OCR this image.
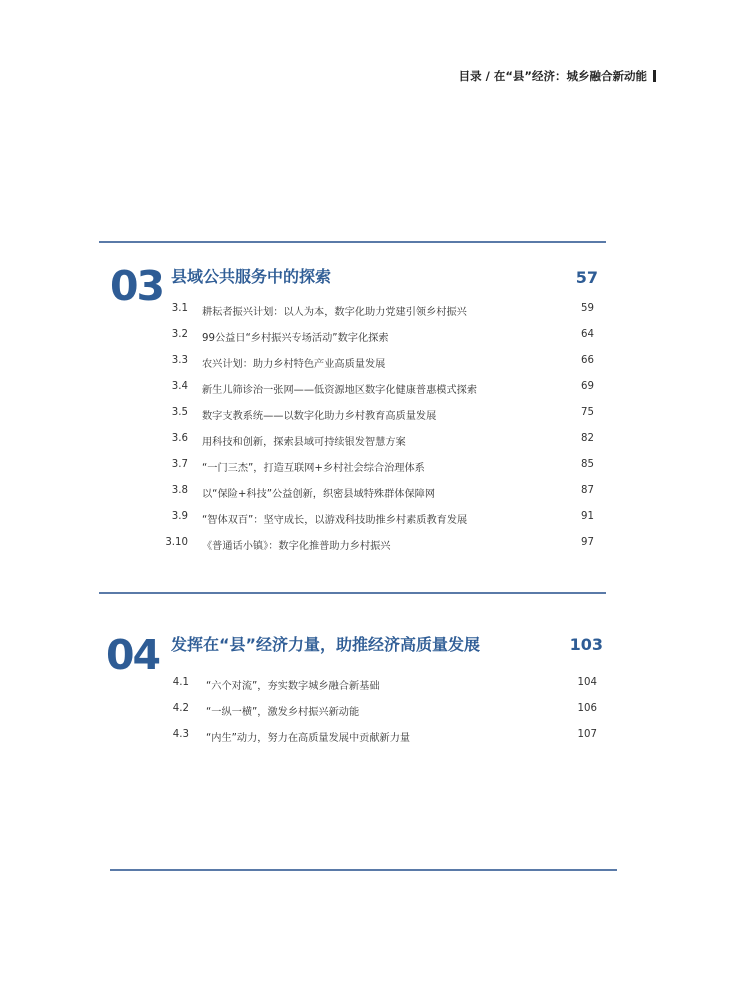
目录 / 在“县”经济：城乡融合新动能
03 县域公共服务中的探索	57
3.1 耕耘者振兴计划：以人为本，数字化助力党建引领乡村振兴	59
3.2 99公益日“乡村振兴专场活动”数字化探索	64
3.3 农兴计划：助力乡村特色产业高质量发展	66
3.4 新生儿筛诊治一张网——低资源地区数字化健康普惠模式探索	69
3.5 数字支教系统——以数字化助力乡村教育高质量发展	75
3.6 用科技和创新，探索县域可持续银发智慧方案	82
3.7 “一门三杰”，打造互联网+乡村社会综合治理体系	85
3.8 以“保险+科技”公益创新，织密县域特殊群体保障网	87
3.9 “智体双百”：坚守成长，以游戏科技助推乡村素质教育发展	91
3.10 《普通话小镇》：数字化推普助力乡村振兴	97
04 发挥在“县”经济力量，助推经济高质量发展	103
4.1 “六个对流”，夯实数字城乡融合新基础	104
4.2 “一纵一横”，激发乡村振兴新动能	106
4.3 “内生”动力，努力在高质量发展中贡献新力量	107
